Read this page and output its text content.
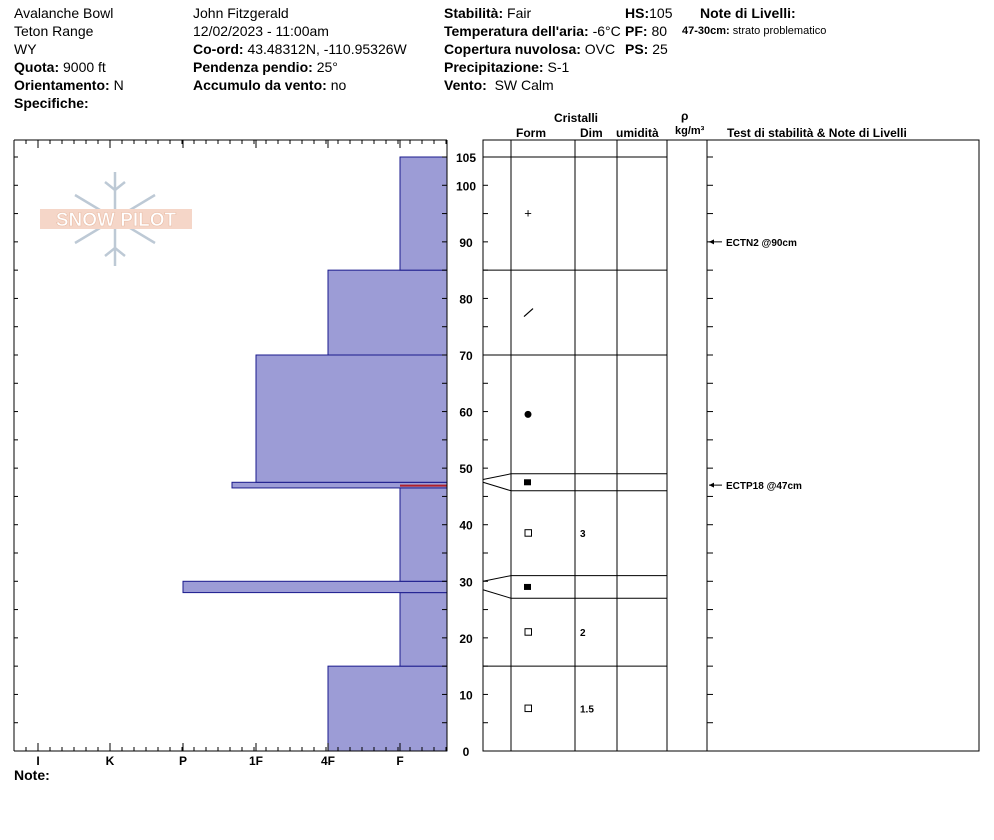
Avalanche Bowl
Teton Range
WY
Quota: 9000 ft
Orientamento: N
Specifiche:
John Fitzgerald
12/02/2023 - 11:00am
Co-ord: 43.48312N, -110.95326W
Pendenza pendio: 25°
Accumulo da vento: no
Stabilità: Fair
Temperatura dell'aria: -6°C
Copertura nuvolosa: OVC
Precipitazione: S-1
Vento: SW Calm
HS:105
PF: 80
PS: 25
Note di Livelli:
47-30cm: strato problematico
Cristalli
Form	Dim umidità
ρ
kg/m³ Test di stabilità & Note di Livelli
Note:
SNOW PILOT
I	K	P	1F	4F	F
0
10
20
30
40
50
60
70
80
90
100
105
+
3
2
1.5
ECTN2 @90cm
ECTP18 @47cm
